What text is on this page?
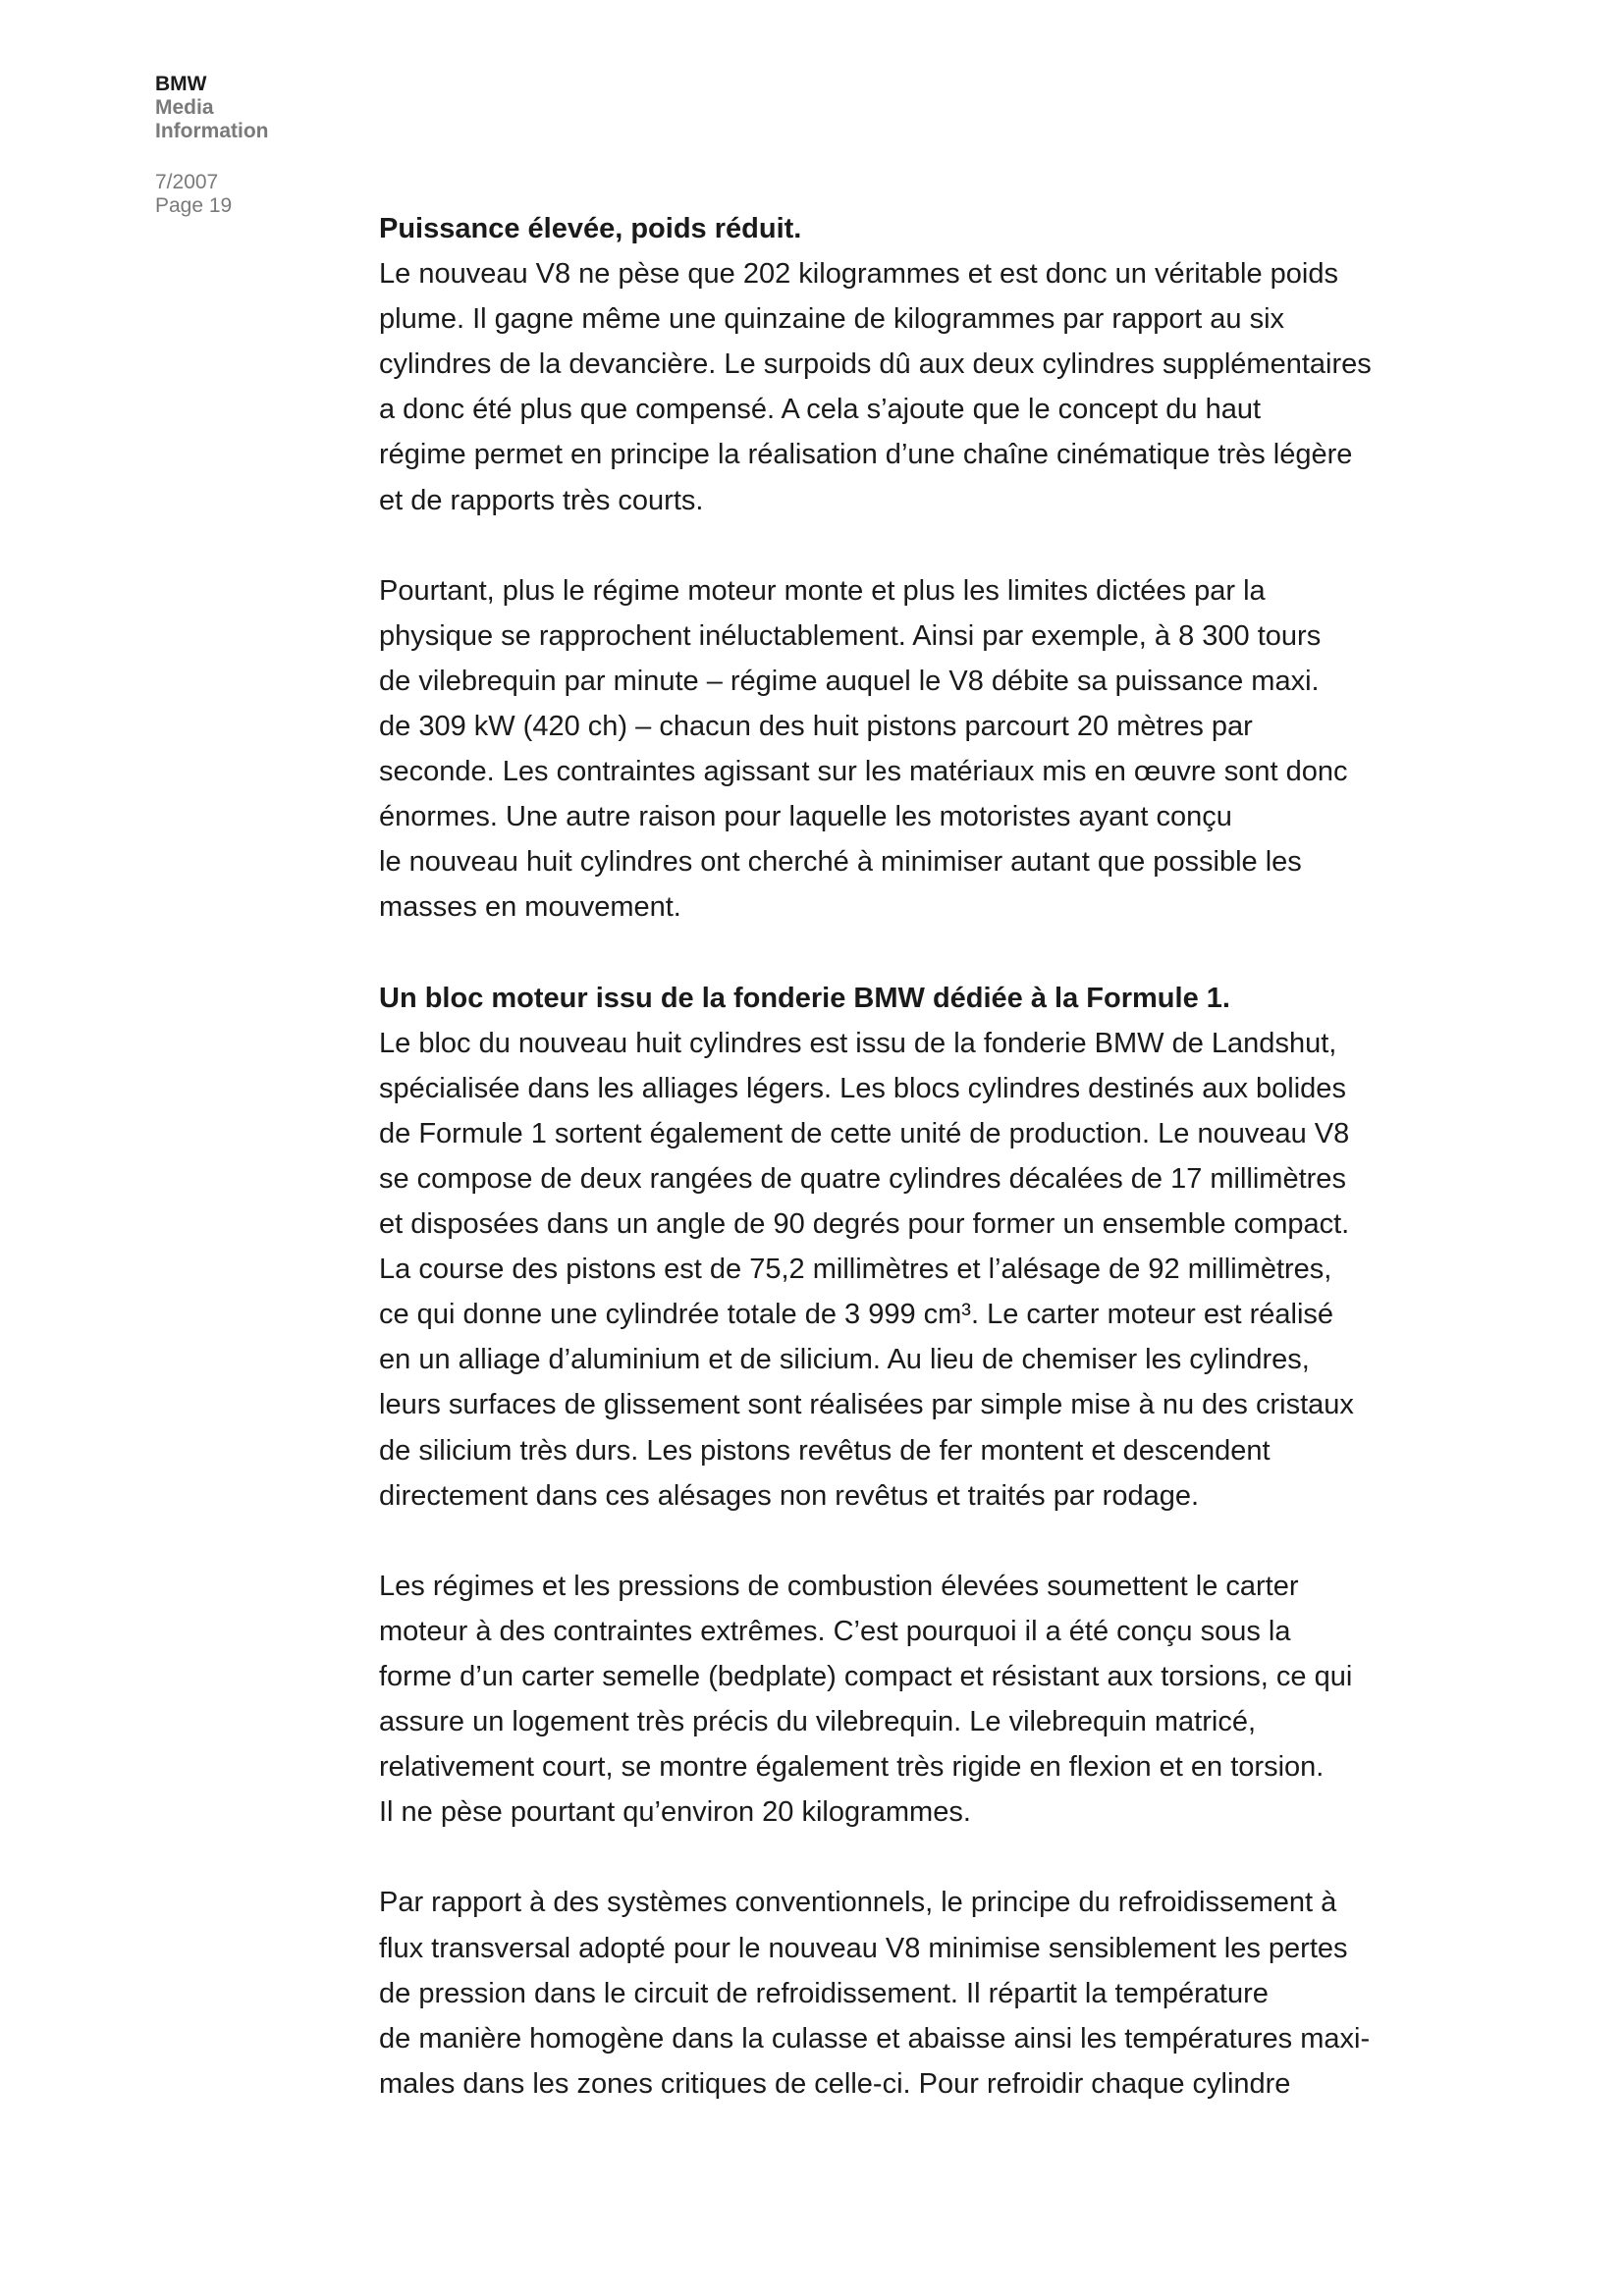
BMW
Media
Information
7/2007
Page 19
Puissance élevée, poids réduit.
Le nouveau V8 ne pèse que 202 kilogrammes et est donc un véritable poids
plume. Il gagne même une quinzaine de kilogrammes par rapport au six
cylindres de la devancière. Le surpoids dû aux deux cylindres supplémentaires
a donc été plus que compensé. A cela s’ajoute que le concept du haut
régime permet en principe la réalisation d’une chaîne cinématique très légère
et de rapports très courts.
Pourtant, plus le régime moteur monte et plus les limites dictées par la
physique se rapprochent inéluctablement. Ainsi par exemple, à 8 300 tours
de vilebrequin par minute – régime auquel le V8 débite sa puissance maxi.
de 309 kW (420 ch) – chacun des huit pistons parcourt 20 mètres par
seconde. Les contraintes agissant sur les matériaux mis en œuvre sont donc
énormes. Une autre raison pour laquelle les motoristes ayant conçu
le nouveau huit cylindres ont cherché à minimiser autant que possible les
masses en mouvement.
Un bloc moteur issu de la fonderie BMW dédiée à la Formule 1.
Le bloc du nouveau huit cylindres est issu de la fonderie BMW de Landshut,
spécialisée dans les alliages légers. Les blocs cylindres destinés aux bolides
de Formule 1 sortent également de cette unité de production. Le nouveau V8
se compose de deux rangées de quatre cylindres décalées de 17 millimètres
et disposées dans un angle de 90 degrés pour former un ensemble compact.
La course des pistons est de 75,2 millimètres et l’alésage de 92 millimètres,
ce qui donne une cylindrée totale de 3 999 cm³. Le carter moteur est réalisé
en un alliage d’aluminium et de silicium. Au lieu de chemiser les cylindres,
leurs surfaces de glissement sont réalisées par simple mise à nu des cristaux
de silicium très durs. Les pistons revêtus de fer montent et descendent
directement dans ces alésages non revêtus et traités par rodage.
Les régimes et les pressions de combustion élevées soumettent le carter
moteur à des contraintes extrêmes. C’est pourquoi il a été conçu sous la
forme d’un carter semelle (bedplate) compact et résistant aux torsions, ce qui
assure un logement très précis du vilebrequin. Le vilebrequin matricé,
relativement court, se montre également très rigide en flexion et en torsion.
Il ne pèse pourtant qu’environ 20 kilogrammes.
Par rapport à des systèmes conventionnels, le principe du refroidissement à
flux transversal adopté pour le nouveau V8 minimise sensiblement les pertes
de pression dans le circuit de refroidissement. Il répartit la température
de manière homogène dans la culasse et abaisse ainsi les températures maxi-
males dans les zones critiques de celle-ci. Pour refroidir chaque cylindre
